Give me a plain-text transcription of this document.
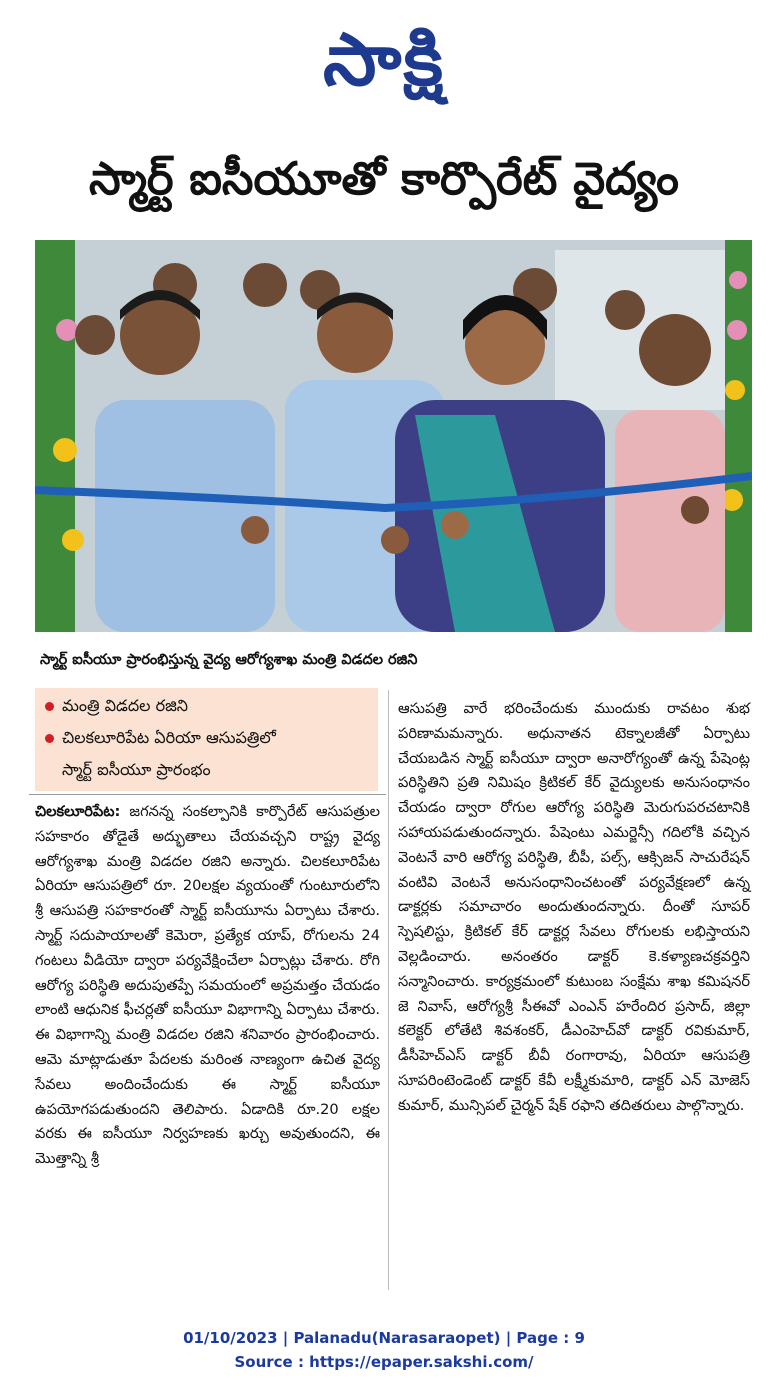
సాక్షి
స్మార్ట్ ఐసీయూతో కార్పొరేట్ వైద్యం
స్మార్ట్ ఐసీయూ ప్రారంభిస్తున్న వైద్య ఆరోగ్యశాఖ మంత్రి విడదల రజిని
మంత్రి విడదల రజిని
చిలకలూరిపేట ఏరియా ఆసుపత్రిలో
స్మార్ట్ ఐసీయూ ప్రారంభం

చిలకలూరిపేట: జగనన్న సంకల్పానికి కార్పొరేట్ ఆసుపత్రుల సహకారం తోడైతే అద్భుతాలు చేయవచ్చని రాష్ట్ర వైద్య ఆరోగ్యశాఖ మంత్రి విడదల రజిని అన్నారు. చిలకలూరిపేట ఏరియా ఆసుపత్రిలో రూ. 20లక్షల వ్యయంతో గుంటూరులోని శ్రీ ఆసుపత్రి సహకారంతో స్మార్ట్ ఐసీయూను ఏర్పాటు చేశారు. స్మార్ట్ సదుపాయాలతో కెమెరా, ప్రత్యేక యాప్, రోగులను 24 గంటలు వీడియో ద్వారా పర్యవేక్షించేలా ఏర్పాట్లు చేశారు. రోగి ఆరోగ్య పరిస్థితి అదుపుతప్పే సమయంలో అప్రమత్తం చేయడం లాంటి ఆధునిక ఫీచర్లతో ఐసీయూ విభాగాన్ని ఏర్పాటు చేశారు. ఈ విభాగాన్ని మంత్రి విడదల రజిని శనివారం ప్రారంభించారు. ఆమె మాట్లాడుతూ పేదలకు మరింత నాణ్యంగా ఉచిత వైద్య సేవలు అందించేందుకు ఈ స్మార్ట్ ఐసీయూ ఉపయోగపడుతుందని తెలిపారు. ఏడాదికి రూ.20 లక్షల వరకు ఈ ఐసీయూ నిర్వహణకు ఖర్చు అవుతుందని, ఈ మొత్తాన్ని శ్రీ

ఆసుపత్రి వారే భరించేందుకు ముందుకు రావటం శుభ పరిణామమన్నారు. అధునాతన టెక్నాలజీతో ఏర్పాటు చేయబడిన స్మార్ట్ ఐసీయూ ద్వారా అనారోగ్యంతో ఉన్న పేషెంట్ల పరిస్థితిని ప్రతి నిమిషం క్రిటికల్ కేర్ వైద్యులకు అనుసంధానం చేయడం ద్వారా రోగుల ఆరోగ్య పరిస్థితి మెరుగుపరచటానికి సహాయపడుతుందన్నారు. పేషెంటు ఎమర్జెన్సీ గదిలోకి వచ్చిన వెంటనే వారి ఆరోగ్య పరిస్థితి, బీపీ, పల్స్, ఆక్సిజన్ సాచురేషన్ వంటివి వెంటనే అనుసంధానించటంతో పర్యవేక్షణలో ఉన్న డాక్టర్లకు సమాచారం అందుతుందన్నారు. దీంతో సూపర్ స్పెషలిస్టు, క్రిటికల్ కేర్ డాక్టర్ల సేవలు రోగులకు లభిస్తాయని వెల్లడించారు. అనంతరం డాక్టర్ కె.కళ్యాణచక్రవర్తిని సన్మానించారు. కార్యక్రమంలో కుటుంబ సంక్షేమ శాఖ కమిషనర్ జె నివాస్, ఆరోగ్యశ్రీ సీఈవో ఎంఎన్ హరేందిర ప్రసాద్, జిల్లా కలెక్టర్ లోతేటి శివశంకర్, డీఎంహెచ్‌వో డాక్టర్ రవికుమార్, డీసీహెచ్ఎస్ డాక్టర్ బీవీ రంగారావు, ఏరియా ఆసుపత్రి సూపరింటెండెంట్ డాక్టర్ కేవీ లక్ష్మీకుమారి, డాక్టర్ ఎన్ మోజెస్ కుమార్, మున్సిపల్ చైర్మన్ షేక్ రఫాని తదితరులు పాల్గొన్నారు.

01/10/2023 | Palanadu(Narasaraopet) | Page : 9
Source : https://epaper.sakshi.com/
